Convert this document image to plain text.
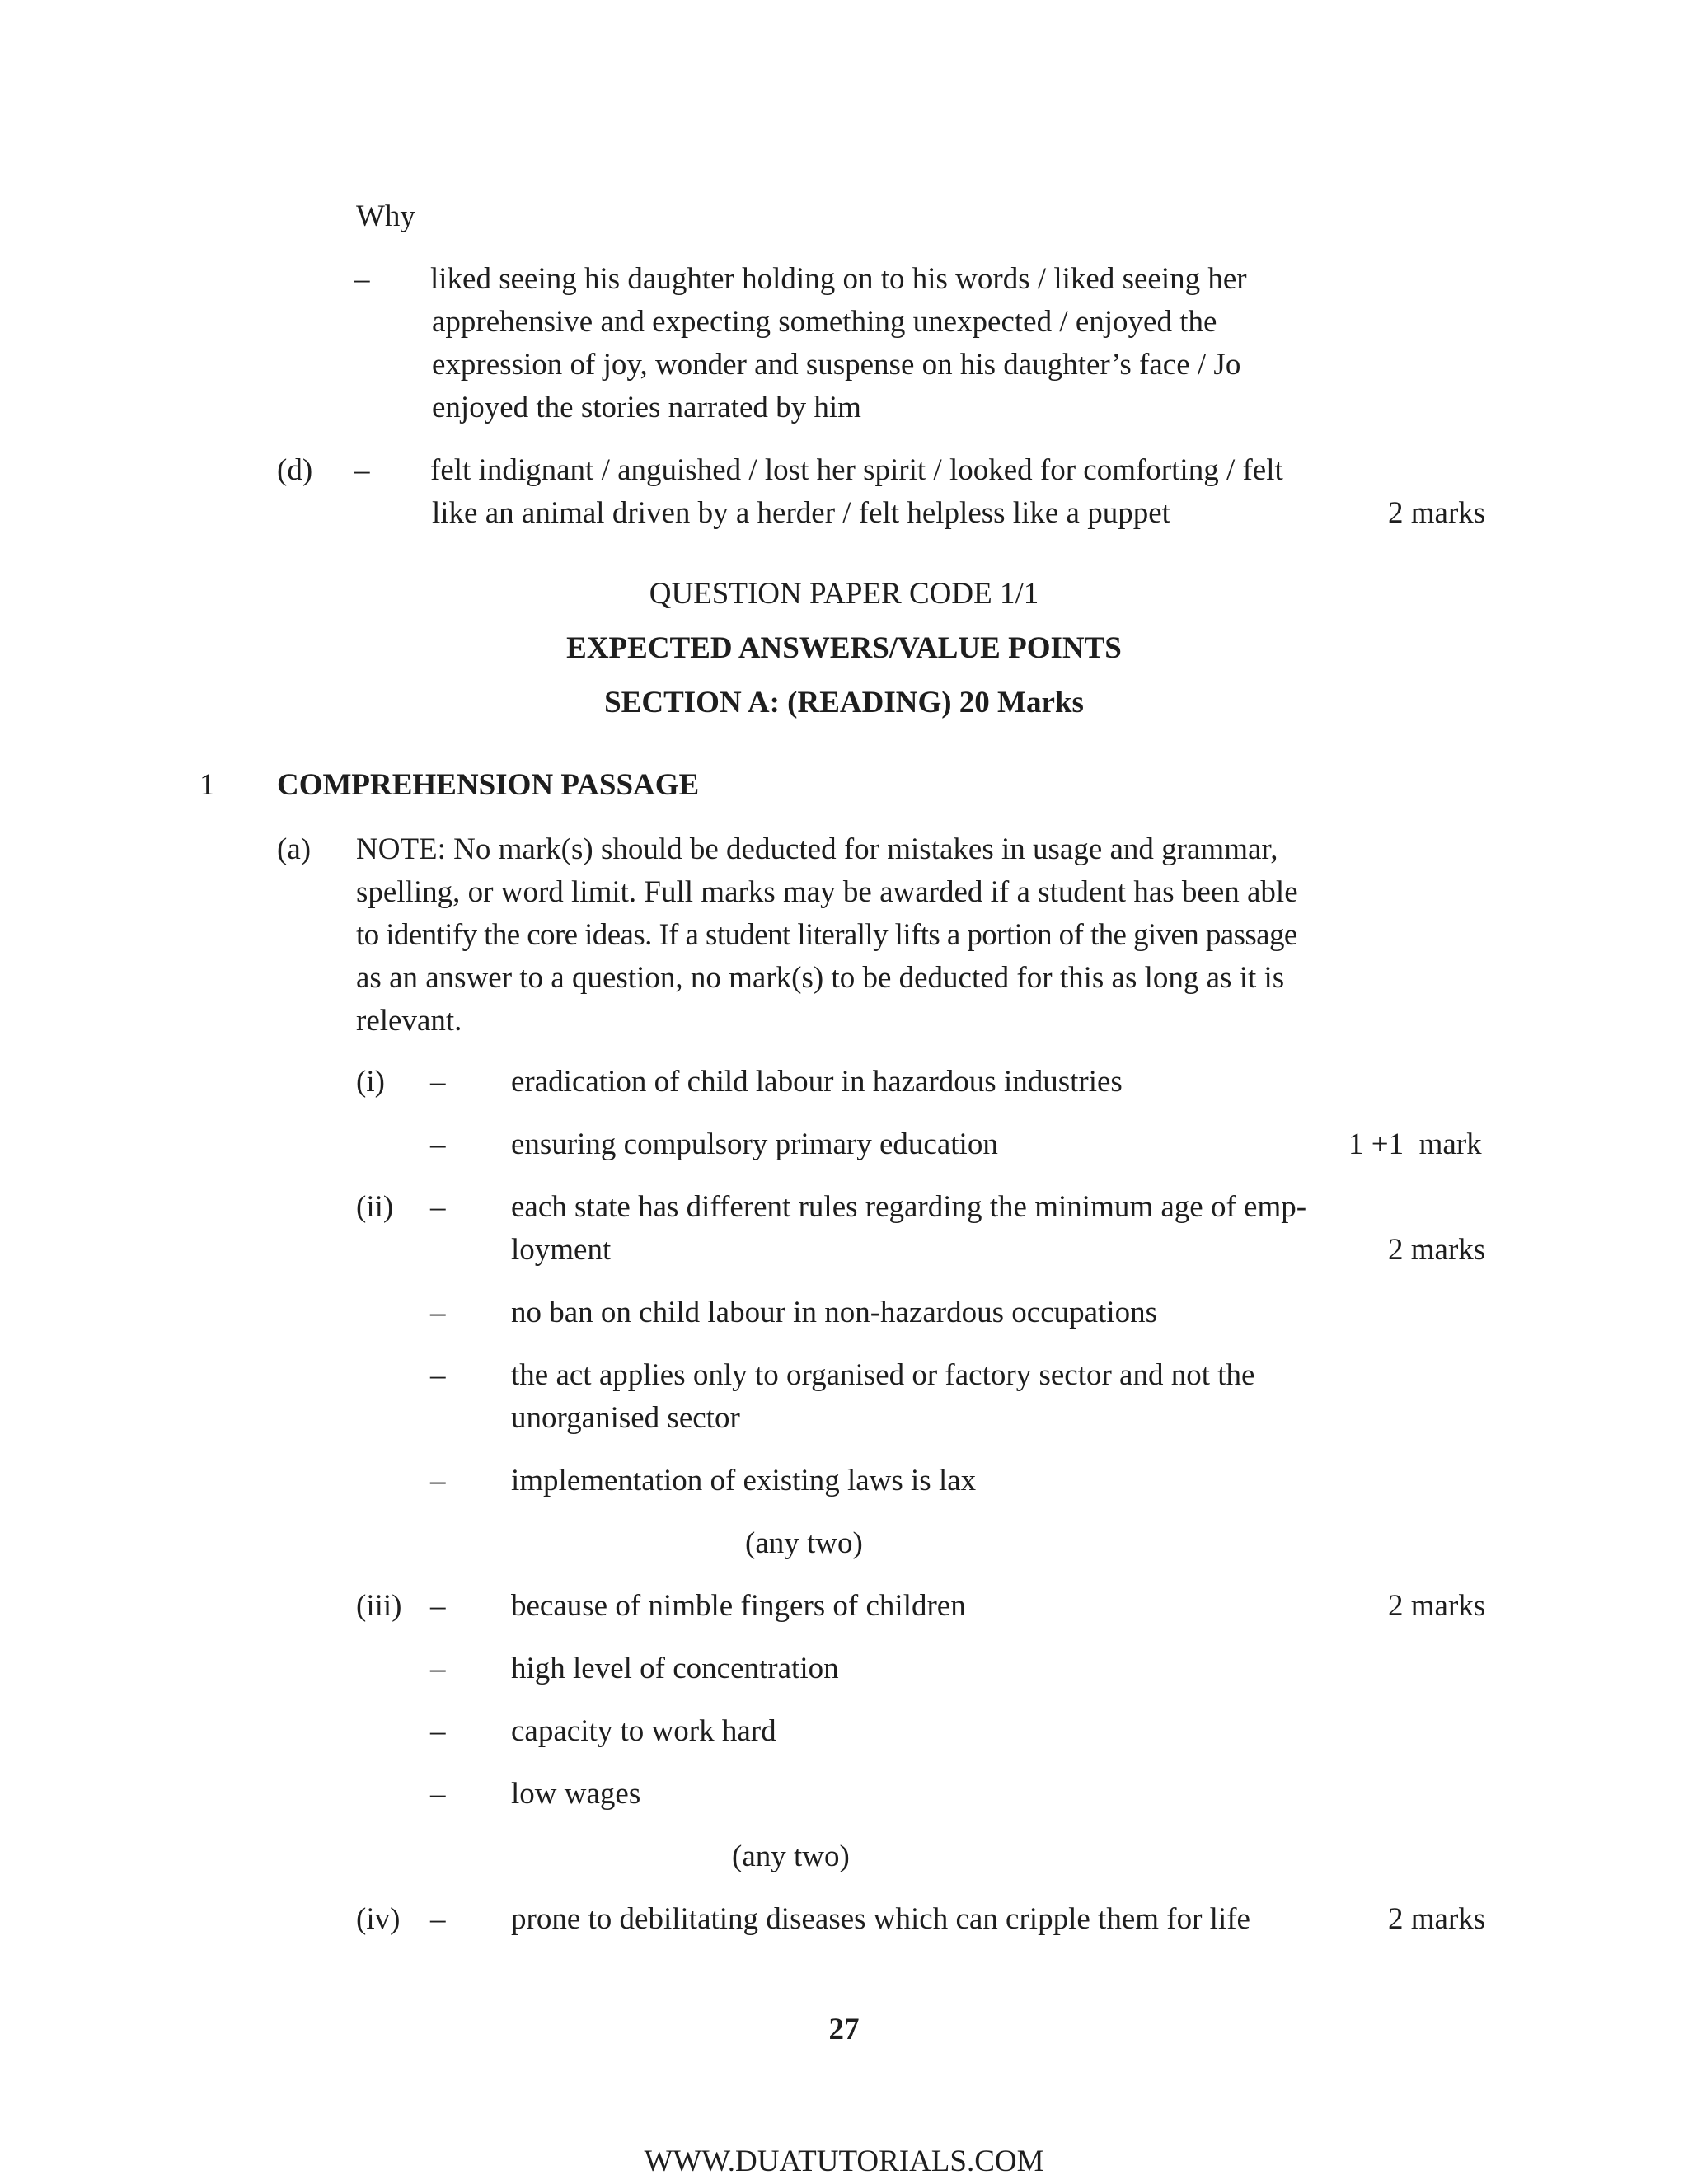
Why
– liked seeing his daughter holding on to his words / liked seeing her
apprehensive and expecting something unexpected / enjoyed the
expression of joy, wonder and suspense on his daughter’s face / Jo
enjoyed the stories narrated by him
(d) – felt indignant / anguished / lost her spirit / looked for comforting / felt
like an animal driven by a herder / felt helpless like a puppet	2 marks
QUESTION PAPER CODE 1/1
EXPECTED ANSWERS/VALUE POINTS
SECTION A: (READING) 20 Marks
1 COMPREHENSION PASSAGE
(a) NOTE: No mark(s) should be deducted for mistakes in usage and grammar,
spelling, or word limit. Full marks may be awarded if a student has been able
to identify the core ideas. If a student literally lifts a portion of the given passage
as an answer to a question, no mark(s) to be deducted for this as long as it is
relevant.
(i) – eradication of child labour in hazardous industries
– ensuring compulsory primary education	1 +1  mark
(ii) – each state has different rules regarding the minimum age of emp-
loyment	2 marks
– no ban on child labour in non-hazardous occupations
– the act applies only to organised or factory sector and not the
unorganised sector
– implementation of existing laws is lax
(any two)
(iii) – because of nimble fingers of children	2 marks
– high level of concentration
– capacity to work hard
– low wages
(any two)
(iv) – prone to debilitating diseases which can cripple them for life	2 marks
27
WWW.DUATUTORIALS.COM
